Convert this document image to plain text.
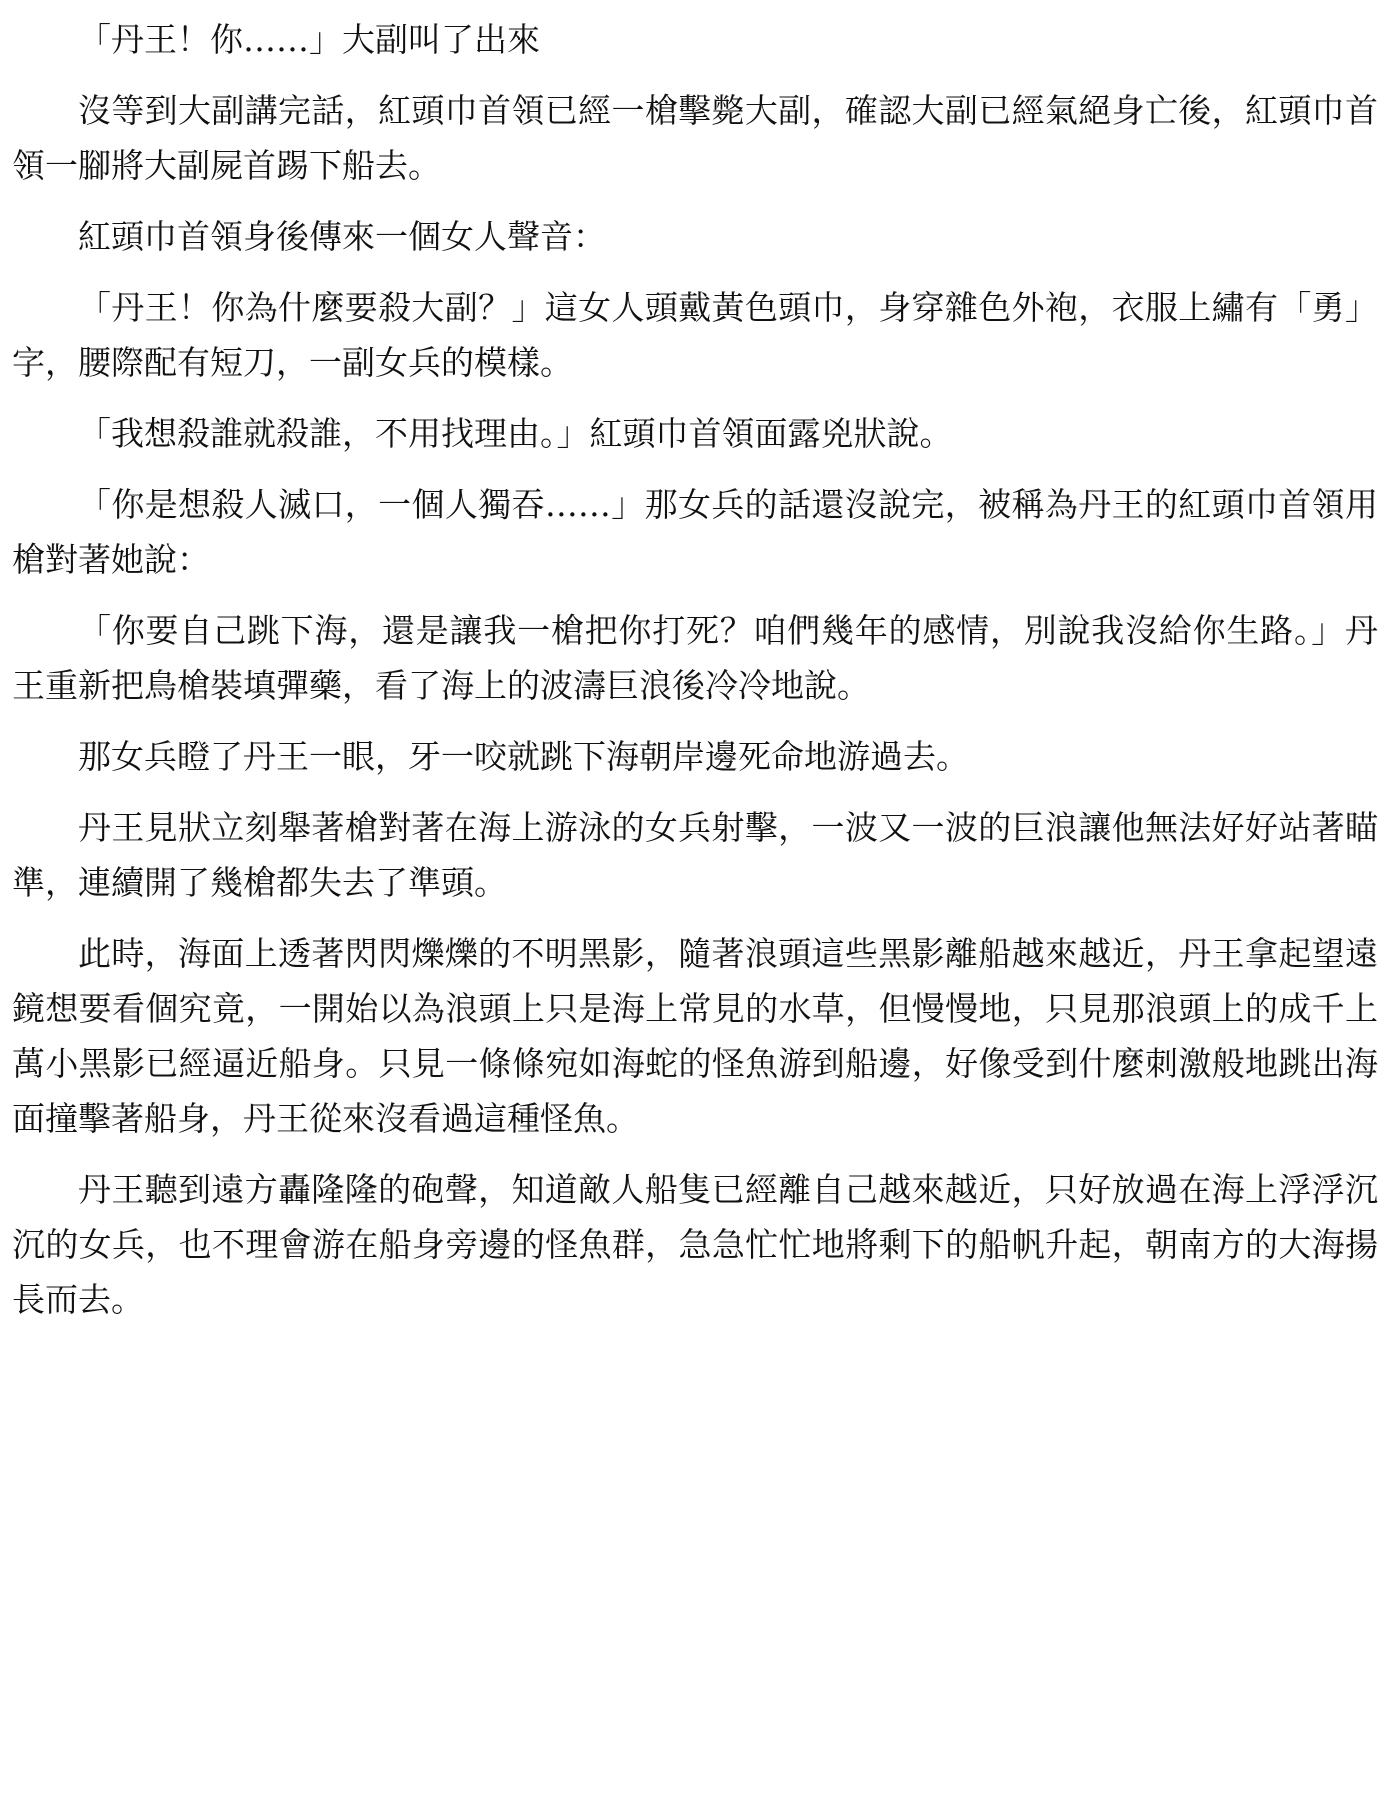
「丹王！你……」大副叫了出來

沒等到大副講完話，紅頭巾首領已經一槍擊斃大副，確認大副已經氣絕身亡後，紅頭巾首領一腳將大副屍首踢下船去。

紅頭巾首領身後傳來一個女人聲音：

「丹王！你為什麼要殺大副？」這女人頭戴黃色頭巾，身穿雜色外袍，衣服上繡有「勇」字，腰際配有短刀，一副女兵的模樣。

「我想殺誰就殺誰，不用找理由。」紅頭巾首領面露兇狀說。

「你是想殺人滅口，一個人獨吞……」那女兵的話還沒說完，被稱為丹王的紅頭巾首領用槍對著她說：

「你要自己跳下海，還是讓我一槍把你打死？咱們幾年的感情，別說我沒給你生路。」丹王重新把鳥槍裝填彈藥，看了海上的波濤巨浪後冷冷地說。

那女兵瞪了丹王一眼，牙一咬就跳下海朝岸邊死命地游過去。

丹王見狀立刻舉著槍對著在海上游泳的女兵射擊，一波又一波的巨浪讓他無法好好站著瞄準，連續開了幾槍都失去了準頭。

此時，海面上透著閃閃爍爍的不明黑影，隨著浪頭這些黑影離船越來越近，丹王拿起望遠鏡想要看個究竟，一開始以為浪頭上只是海上常見的水草，但慢慢地，只見那浪頭上的成千上萬小黑影已經逼近船身。只見一條條宛如海蛇的怪魚游到船邊，好像受到什麼刺激般地跳出海面撞擊著船身，丹王從來沒看過這種怪魚。

丹王聽到遠方轟隆隆的砲聲，知道敵人船隻已經離自己越來越近，只好放過在海上浮浮沉沉的女兵，也不理會游在船身旁邊的怪魚群，急急忙忙地將剩下的船帆升起，朝南方的大海揚長而去。
